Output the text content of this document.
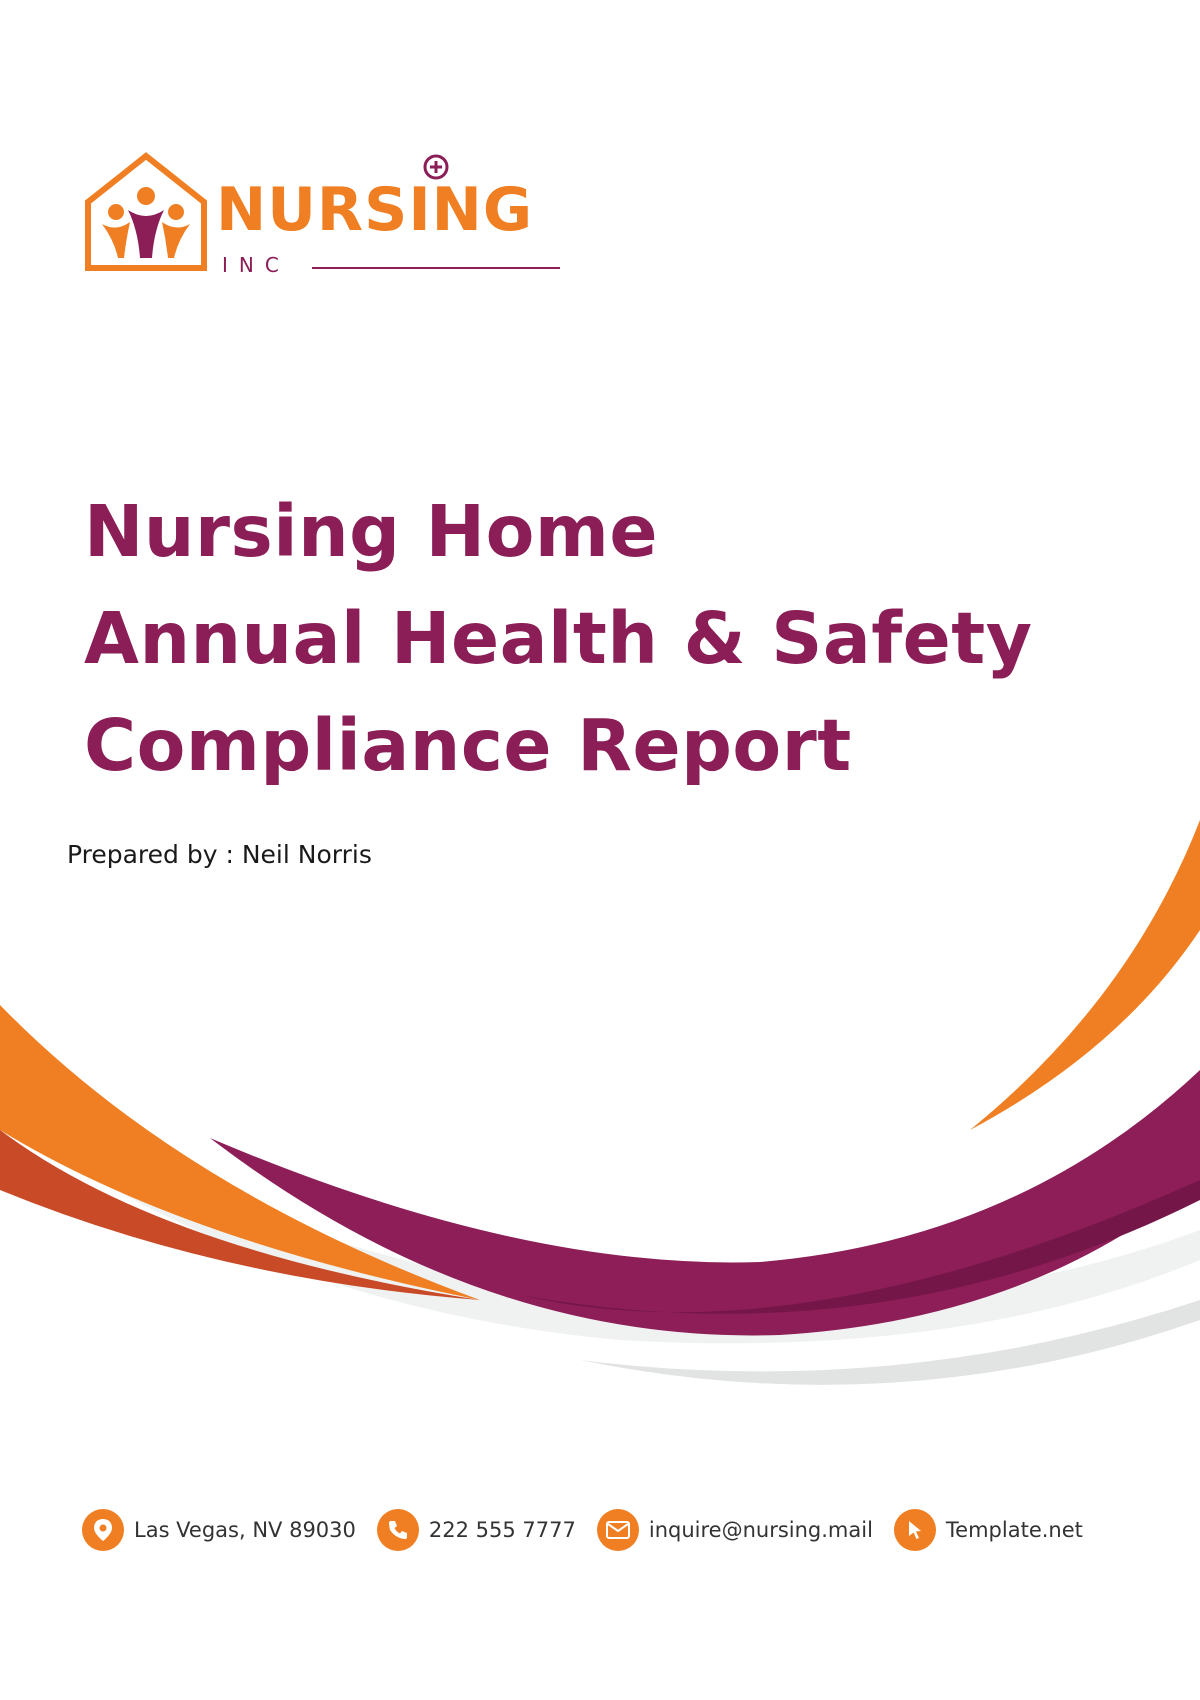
NURSING
INC
Nursing Home
Annual Health & Safety
Compliance Report
Prepared by : Neil Norris
Las Vegas, NV 89030	222 555 7777	inquire@nursing.mail	Template.net
